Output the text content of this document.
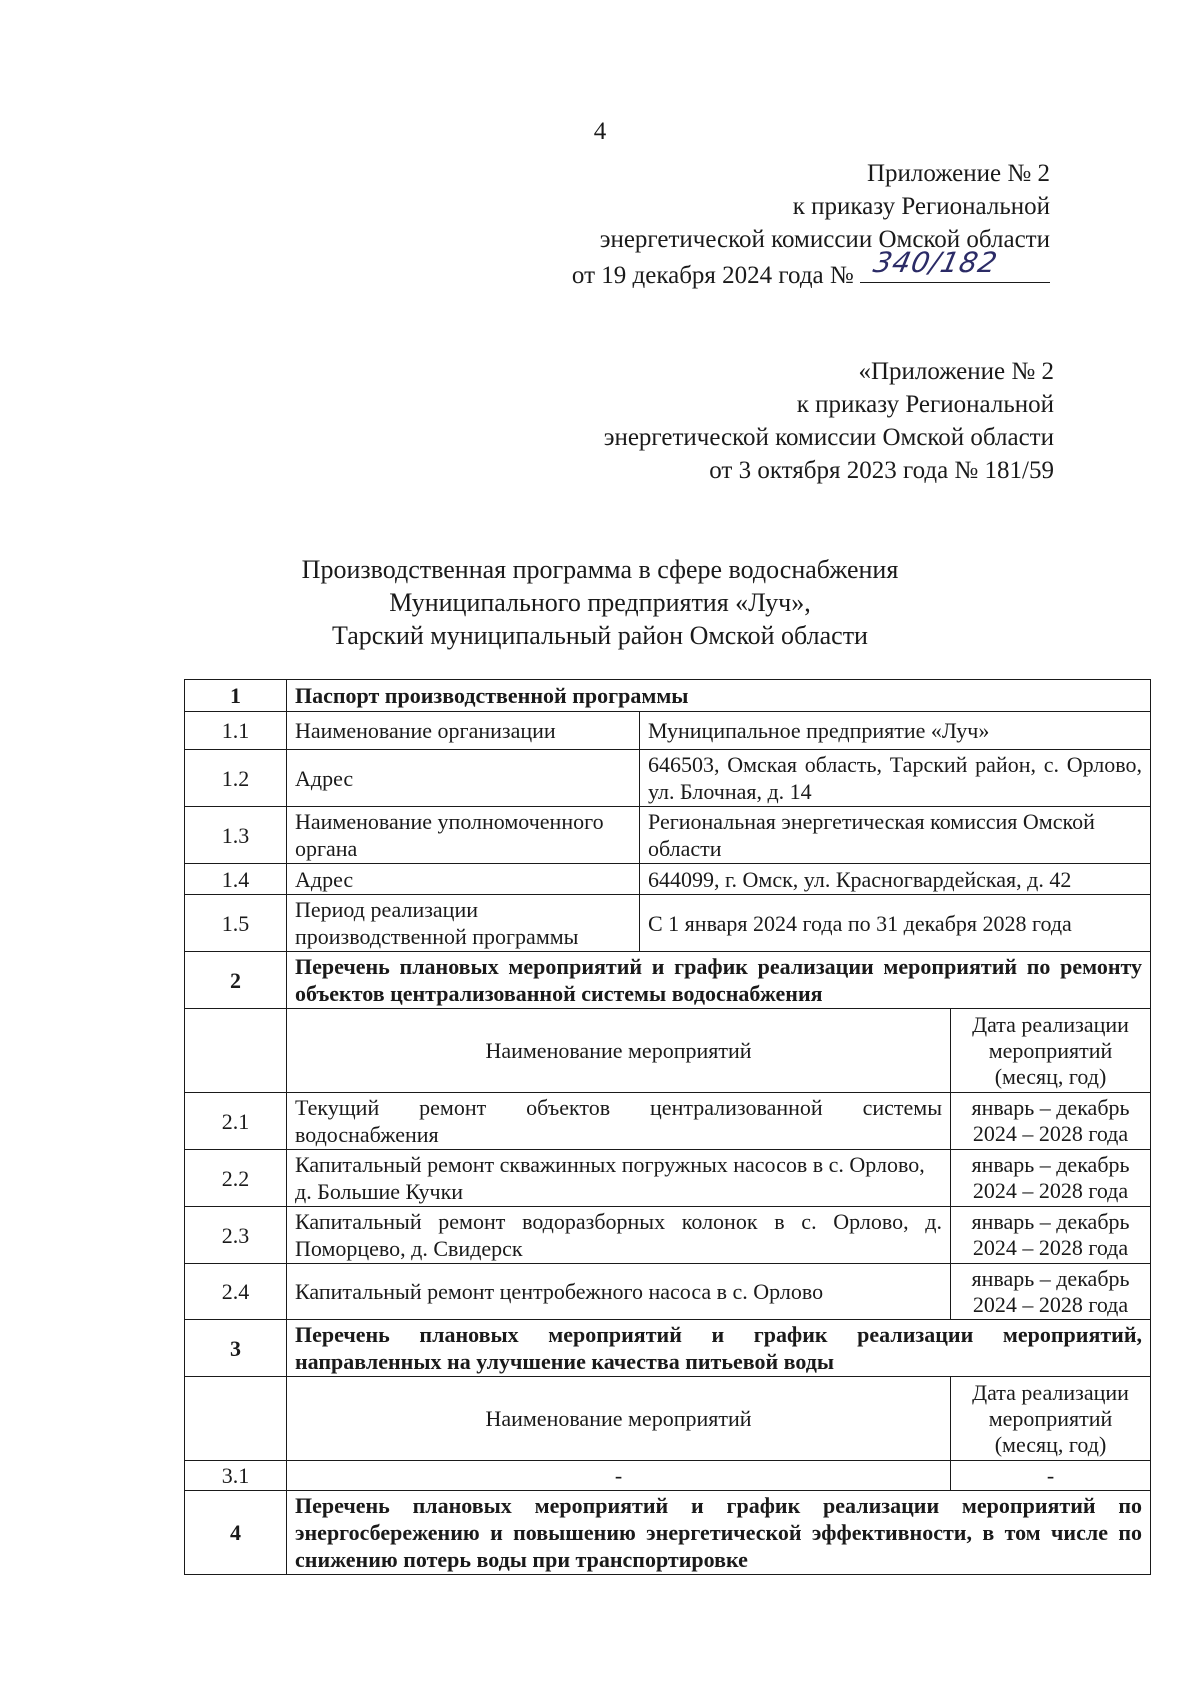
4
Приложение № 2
к приказу Региональной
энергетической комиссии Омской области
от 19 декабря 2024 года № 340/182
«Приложение № 2
к приказу Региональной
энергетической комиссии Омской области
от 3 октября 2023 года № 181/59
Производственная программа в сфере водоснабжения
Муниципального предприятия «Луч»,
Тарский муниципальный район Омской области
1	Паспорт производственной программы		
1.1	Наименование организации	Муниципальное предприятие «Луч»	
1.2	Адрес	646503, Омская область, Тарский район, с. Орлово, ул. Блочная, д. 14	
1.3	Наименование уполномоченного органа	Региональная энергетическая комиссия Омской области	
1.4	Адрес	644099, г. Омск, ул. Красногвардейская, д. 42	
1.5	Период реализации производственной программы	С 1 января 2024 года по 31 декабря 2028 года	
2	Перечень плановых мероприятий и график реализации мероприятий по ремонту объектов централизованной системы водоснабжения		
	Наименование мероприятий		Дата реализации мероприятий (месяц, год)
2.1	Текущий ремонт объектов централизованной системы водоснабжения		январь – декабрь 2024 – 2028 года
2.2	Капитальный ремонт скважинных погружных насосов в с. Орлово, д. Большие Кучки		январь – декабрь 2024 – 2028 года
2.3	Капитальный ремонт водоразборных колонок в с. Орлово, д. Поморцево, д. Свидерск		январь – декабрь 2024 – 2028 года
2.4	Капитальный ремонт центробежного насоса в с. Орлово		январь – декабрь 2024 – 2028 года
3	Перечень плановых мероприятий и график реализации мероприятий, направленных на улучшение качества питьевой воды		
	Наименование мероприятий		Дата реализации мероприятий (месяц, год)
3.1	-		-
4	Перечень плановых мероприятий и график реализации мероприятий по энергосбережению и повышению энергетической эффективности, в том числе по снижению потерь воды при транспортировке		
